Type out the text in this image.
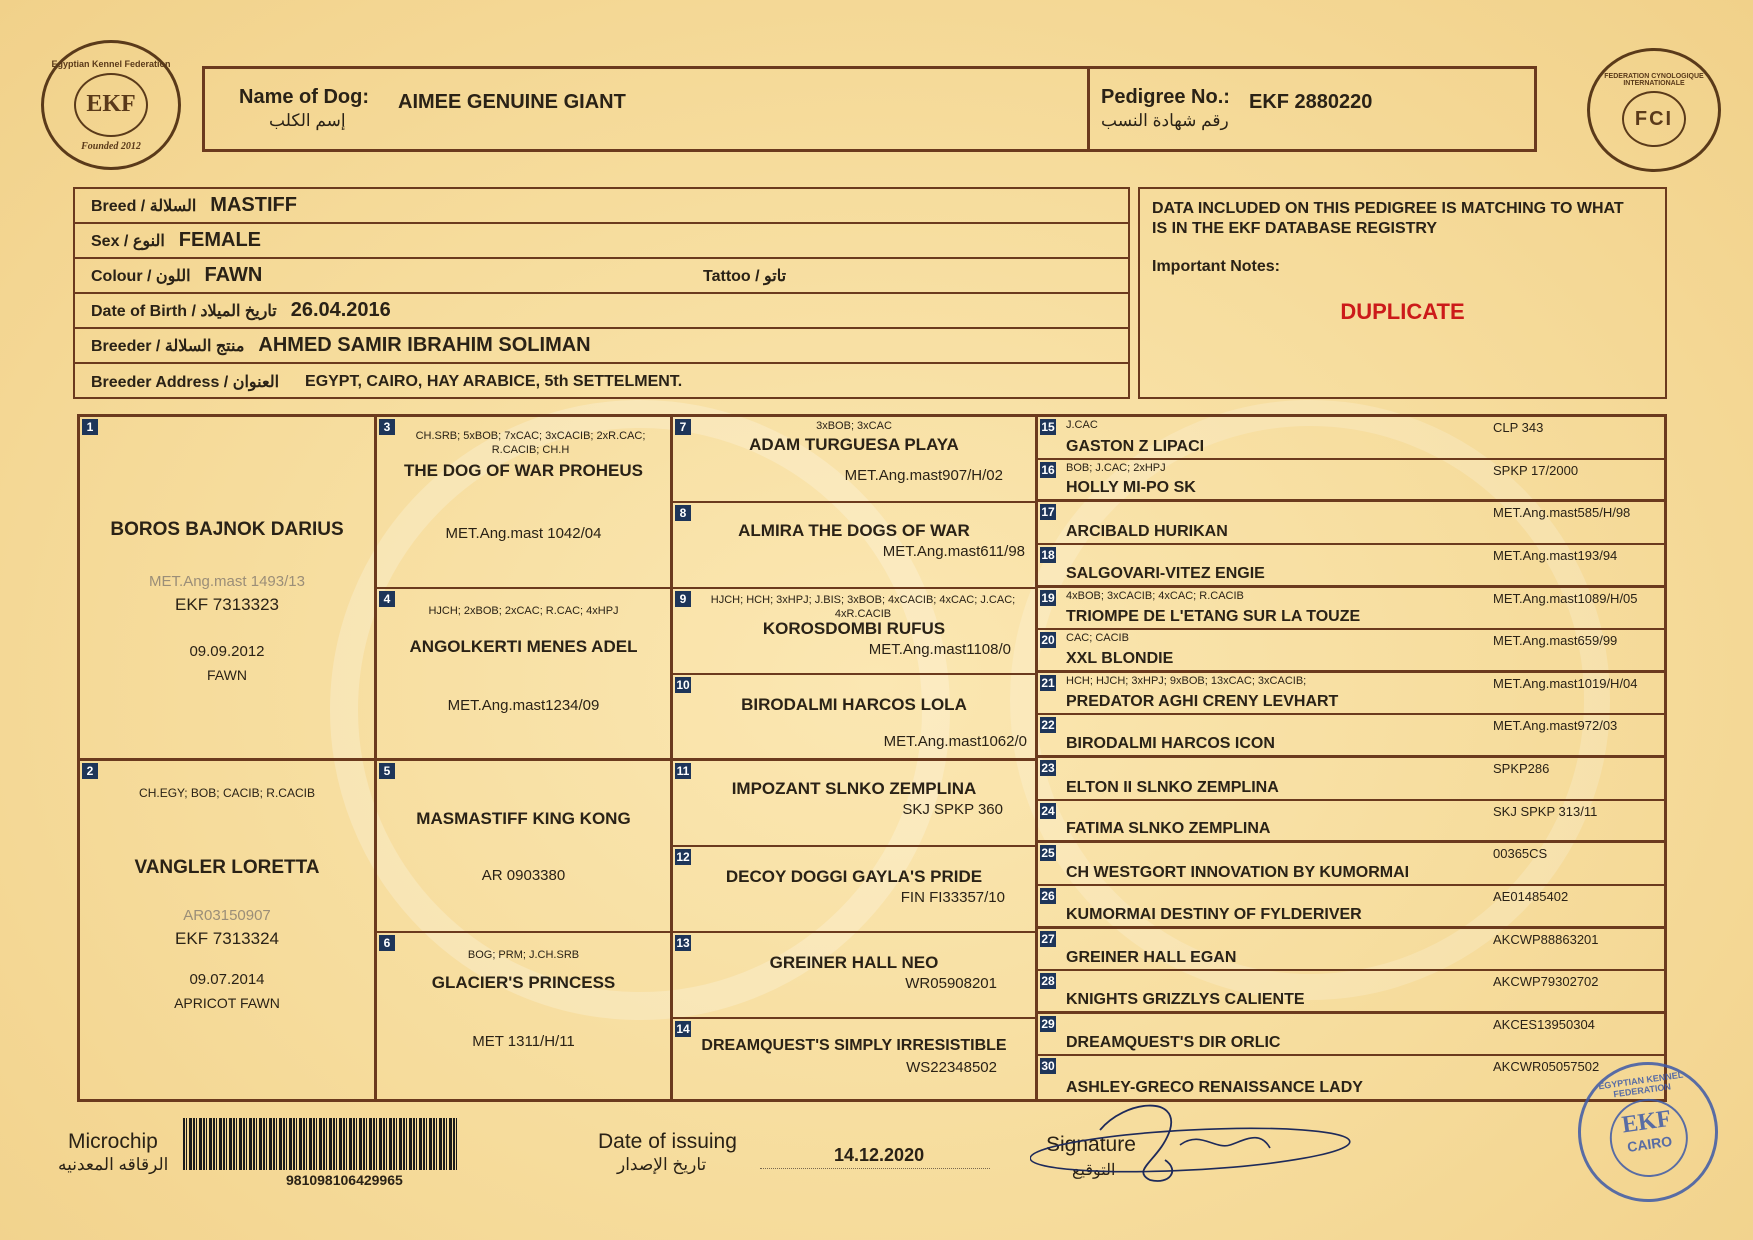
Egyptian Kennel Federation
EKF
Founded 2012
FEDERATION CYNOLOGIQUE INTERNATIONALE
FCI
Name of Dog:
إسم الكلب
AIMEE GENUINE GIANT	Pedigree No.:
رقم شهادة النسب
EKF 2880220
Breed / السلالة MASTIFF
Sex / النوع FEMALE
Colour / اللون FAWN	Tattoo / تاتو
Date of Birth / تاريخ الميلاد 26.04.2016
Breeder / منتج السلالة AHMED SAMIR IBRAHIM SOLIMAN
Breeder Address / العنوان EGYPT, CAIRO, HAY ARABICE, 5th SETTELMENT.
DATA INCLUDED ON THIS PEDIGREE IS MATCHING TO WHAT
IS IN THE EKF DATABASE REGISTRY
Important Notes:
DUPLICATE
1
BOROS BAJNOK DARIUS
MET.Ang.mast 1493/13
EKF 7313323
09.09.2012
FAWN
2
CH.EGY; BOB; CACIB; R.CACIB
VANGLER LORETTA
AR03150907
EKF 7313324
09.07.2014
APRICOT FAWN
3
CH.SRB; 5xBOB; 7xCAC; 3xCACIB; 2xR.CAC; R.CACIB; CH.H
THE DOG OF WAR PROHEUS
MET.Ang.mast 1042/04
4
HJCH; 2xBOB; 2xCAC; R.CAC; 4xHPJ
ANGOLKERTI MENES ADEL
MET.Ang.mast1234/09
5
MASMASTIFF KING KONG
AR 0903380
6
BOG; PRM; J.CH.SRB
GLACIER'S PRINCESS
MET 1311/H/11
7	3xBOB; 3xCAC
ADAM TURGUESA PLAYA
MET.Ang.mast907/H/02
8
ALMIRA THE DOGS OF WAR
MET.Ang.mast611/98
9	HJCH; HCH; 3xHPJ; J.BIS; 3xBOB; 4xCACIB; 4xCAC; J.CAC; 4xR.CACIB
KOROSDOMBI RUFUS
MET.Ang.mast1108/0
10
BIRODALMI HARCOS LOLA
MET.Ang.mast1062/0
11
IMPOZANT SLNKO ZEMPLINA
SKJ SPKP 360
12
DECOY DOGGI GAYLA'S PRIDE
FIN FI33357/10
13
GREINER HALL NEO
WR05908201
14
DREAMQUEST'S SIMPLY IRRESISTIBLE
WS22348502
15 J.CAC
GASTON Z LIPACI
CLP 343
16 BOB; J.CAC; 2xHPJ
HOLLY MI-PO SK
SPKP 17/2000
17
ARCIBALD HURIKAN
MET.Ang.mast585/H/98
18
SALGOVARI-VITEZ ENGIE
MET.Ang.mast193/94
19 4xBOB; 3xCACIB; 4xCAC; R.CACIB
TRIOMPE DE L'ETANG SUR LA TOUZE
MET.Ang.mast1089/H/05
20 CAC; CACIB
XXL BLONDIE
MET.Ang.mast659/99
21 HCH; HJCH; 3xHPJ; 9xBOB; 13xCAC; 3xCACIB;
PREDATOR AGHI CRENY LEVHART
MET.Ang.mast1019/H/04
22
BIRODALMI HARCOS ICON
MET.Ang.mast972/03
23
ELTON II SLNKO ZEMPLINA
SPKP286
24
FATIMA SLNKO ZEMPLINA
SKJ SPKP 313/11
25
CH WESTGORT INNOVATION BY KUMORMAI
00365CS
26
KUMORMAI DESTINY OF FYLDERIVER
AE01485402
27
GREINER HALL EGAN
AKCWP88863201
28
KNIGHTS GRIZZLYS CALIENTE
AKCWP79302702
29
DREAMQUEST'S DIR ORLIC
AKCES13950304
30
ASHLEY-GRECO RENAISSANCE LADY
AKCWR05057502
Microchip
الرقاقه المعدنيه
981098106429965
Date of issuing
تاريخ الإصدار	14.12.2020	Signature
التوقيع
EGYPTIAN KENNEL FEDERATION
EKF
CAIRO
